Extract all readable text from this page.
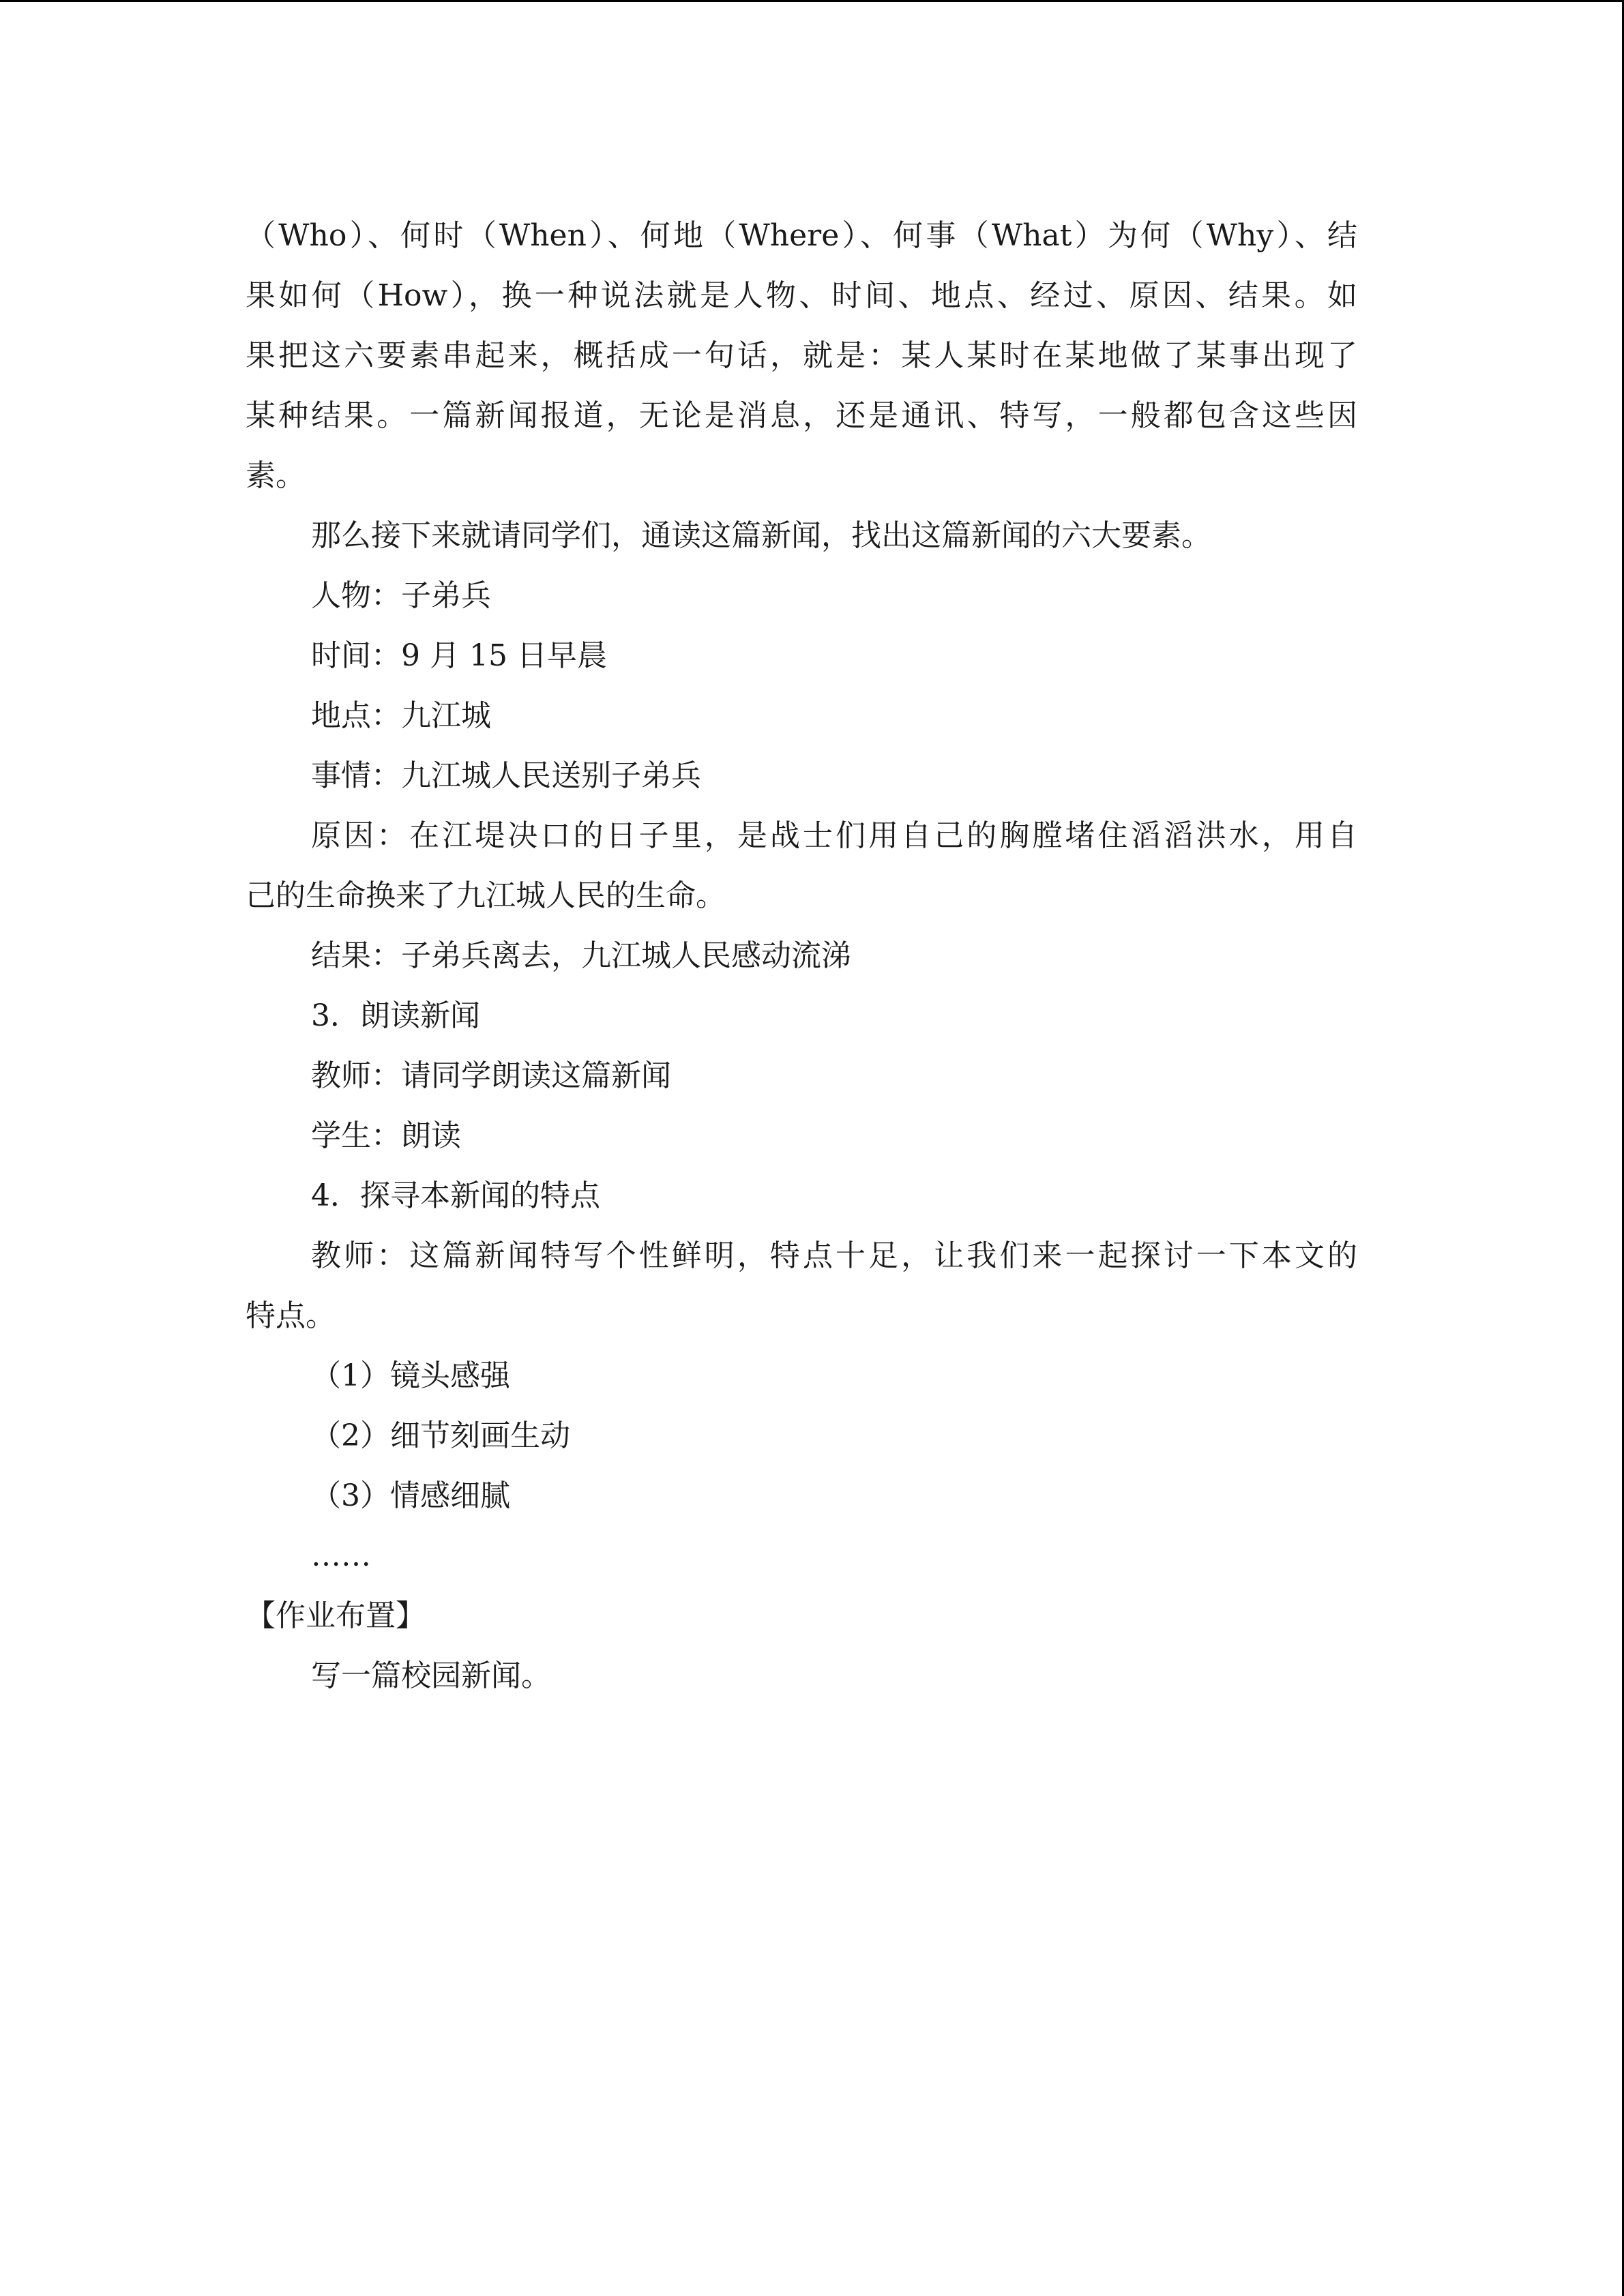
（Who）、何时（When）、何地（Where）、何事（What）为何（Why）、结
果如何（How），换一种说法就是人物、时间、地点、经过、原因、结果。如
果把这六要素串起来，概括成一句话，就是：某人某时在某地做了某事出现了
某种结果。一篇新闻报道，无论是消息，还是通讯、特写，一般都包含这些因
素。

那么接下来就请同学们，通读这篇新闻，找出这篇新闻的六大要素。

人物：子弟兵

时间：9 月 15 日早晨

地点：九江城

事情：九江城人民送别子弟兵

原因：在江堤决口的日子里，是战士们用自己的胸膛堵住滔滔洪水，用自
己的生命换来了九江城人民的生命。

结果：子弟兵离去，九江城人民感动流涕

3．朗读新闻

教师：请同学朗读这篇新闻

学生：朗读

4．探寻本新闻的特点

教师：这篇新闻特写个性鲜明，特点十足，让我们来一起探讨一下本文的
特点。

（1）镜头感强

（2）细节刻画生动

（3）情感细腻

……

【作业布置】

写一篇校园新闻。
